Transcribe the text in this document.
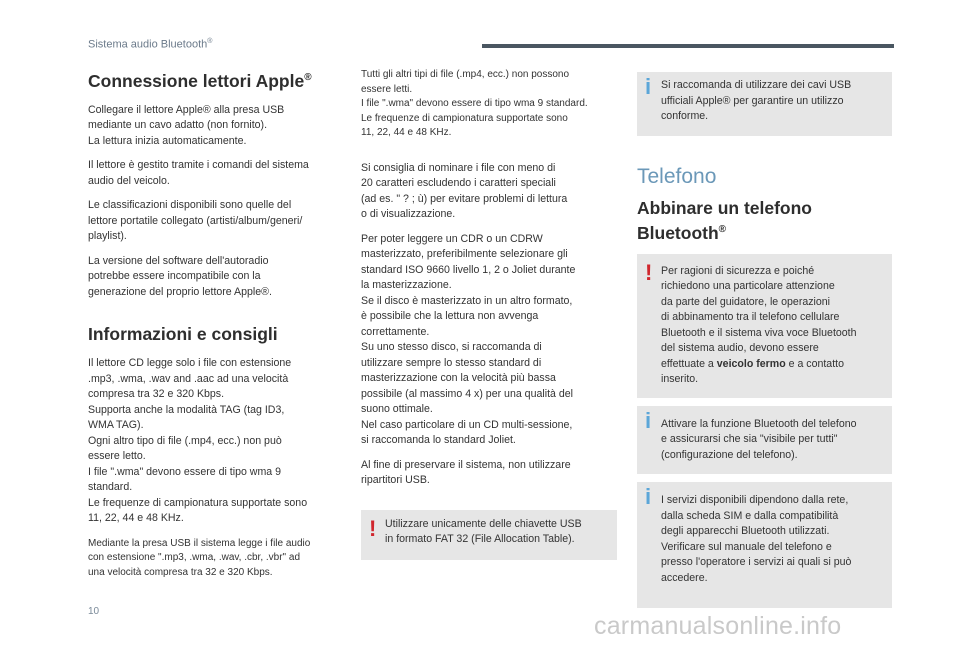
Sistema audio Bluetooth®
Connessione lettori Apple®

Collegare il lettore Apple® alla presa USB
mediante un cavo adatto (non fornito).
La lettura inizia automaticamente.

Il lettore è gestito tramite i comandi del sistema
audio del veicolo.

Le classificazioni disponibili sono quelle del
lettore portatile collegato (artisti/album/generi/
playlist).

La versione del software dell'autoradio
potrebbe essere incompatibile con la
generazione del proprio lettore Apple®.

Informazioni e consigli

Il lettore CD legge solo i file con estensione
.mp3, .wma, .wav and .aac ad una velocità
compresa tra 32 e 320 Kbps.
Supporta anche la modalità TAG (tag ID3,
WMA TAG).
Ogni altro tipo di file (.mp4, ecc.) non può
essere letto.
I file ".wma" devono essere di tipo wma 9
standard.
Le frequenze di campionatura supportate sono
11, 22, 44 e 48 KHz.

Mediante la presa USB il sistema legge i file audio
con estensione ".mp3, .wma, .wav, .cbr, .vbr" ad
una velocità compresa tra 32 e 320 Kbps.

Tutti gli altri tipi di file (.mp4, ecc.) non possono
essere letti.
I file ".wma" devono essere di tipo wma 9 standard.
Le frequenze di campionatura supportate sono
11, 22, 44 e 48 KHz.

Si consiglia di nominare i file con meno di
20 caratteri escludendo i caratteri speciali
(ad es. " ? ; ù) per evitare problemi di lettura
o di visualizzazione.

Per poter leggere un CDR o un CDRW
masterizzato, preferibilmente selezionare gli
standard ISO 9660 livello 1, 2 o Joliet durante
la masterizzazione.
Se il disco è masterizzato in un altro formato,
è possibile che la lettura non avvenga
correttamente.
Su uno stesso disco, si raccomanda di
utilizzare sempre lo stesso standard di
masterizzazione con la velocità più bassa
possibile (al massimo 4 x) per una qualità del
suono ottimale.
Nel caso particolare di un CD multi-sessione,
si raccomanda lo standard Joliet.

Al fine di preservare il sistema, non utilizzare
ripartitori USB.

! Utilizzare unicamente delle chiavette USB
in formato FAT 32 (File Allocation Table).

i Si raccomanda di utilizzare dei cavi USB
ufficiali Apple® per garantire un utilizzo
conforme.

Telefono
Abbinare un telefono
Bluetooth®
! Per ragioni di sicurezza e poiché
richiedono una particolare attenzione
da parte del guidatore, le operazioni
di abbinamento tra il telefono cellulare
Bluetooth e il sistema viva voce Bluetooth
del sistema audio, devono essere
effettuate a veicolo fermo e a contatto
inserito.

i Attivare la funzione Bluetooth del telefono
e assicurarsi che sia "visibile per tutti"
(configurazione del telefono).

i I servizi disponibili dipendono dalla rete,
dalla scheda SIM e dalla compatibilità
degli apparecchi Bluetooth utilizzati.
Verificare sul manuale del telefono e
presso l'operatore i servizi ai quali si può
accedere.

10
carmanualsonline.info
